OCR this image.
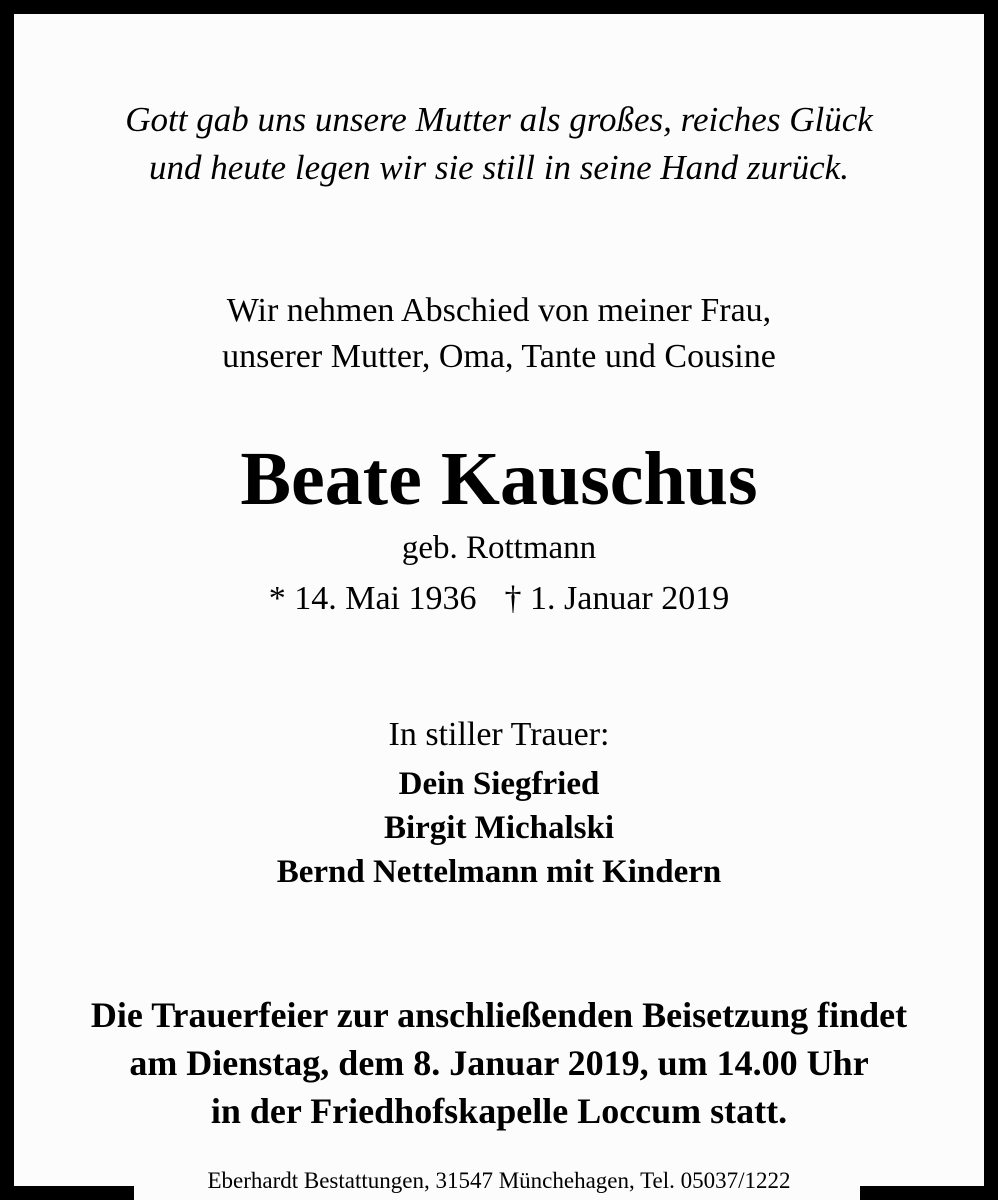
Gott gab uns unsere Mutter als großes, reiches Glück
und heute legen wir sie still in seine Hand zurück.
Wir nehmen Abschied von meiner Frau,
unserer Mutter, Oma, Tante und Cousine
Beate Kauschus
geb. Rottmann
* 14. Mai 1936 † 1. Januar 2019
In stiller Trauer:
Dein Siegfried
Birgit Michalski
Bernd Nettelmann mit Kindern
Die Trauerfeier zur anschließenden Beisetzung findet
am Dienstag, dem 8. Januar 2019, um 14.00 Uhr
in der Friedhofskapelle Loccum statt.
Eberhardt Bestattungen, 31547 Münchehagen, Tel. 05037/1222
